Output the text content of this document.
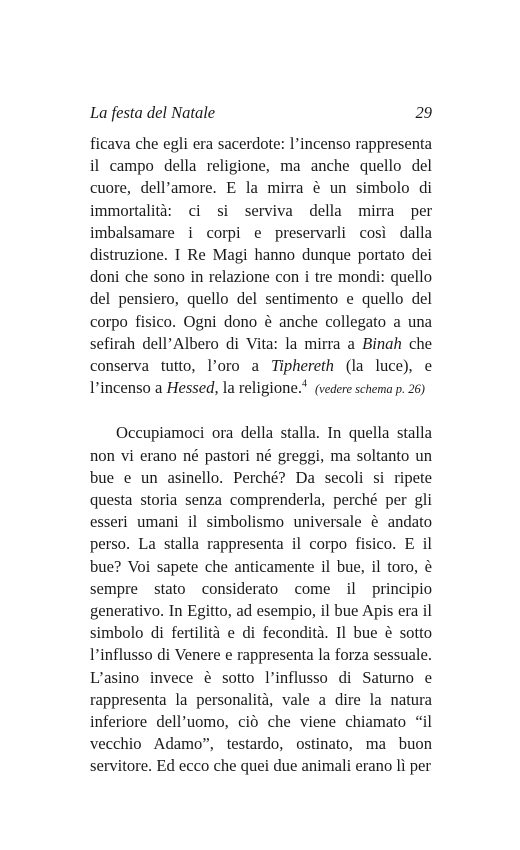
La festa del Natale	29

ficava che egli era sacerdote: l’incenso rappresenta il campo della religione, ma anche quello del cuore, dell’amore. E la mirra è un simbolo di immortalità: ci si serviva della mirra per imbalsamare i corpi e preservarli così dalla distruzione. I Re Magi hanno dunque portato dei doni che sono in relazione con i tre mondi: quello del pensiero, quello del sentimento e quello del corpo fisico. Ogni dono è anche collegato a una sefirah dell’Albero di Vita: la mirra a Binah che conserva tutto, l’oro a Tiphereth (la luce), e l’incenso a Hessed, la religione.$^4$ (vedere schema p. 26)

Occupiamoci ora della stalla. In quella stalla non vi erano né pastori né greggi, ma soltanto un bue e un asinello. Perché? Da secoli si ripete questa storia senza comprenderla, perché per gli esseri umani il simbolismo universale è andato perso. La stalla rappresenta il corpo fisico. E il bue? Voi sapete che anticamente il bue, il toro, è sempre stato considerato come il principio generativo. In Egitto, ad esempio, il bue Apis era il simbolo di fertilità e di fecondità. Il bue è sotto l’influsso di Venere e rappresenta la forza sessuale. L’asino invece è sotto l’influsso di Saturno e rappresenta la personalità, vale a dire la natura inferiore dell’uomo, ciò che viene chiamato “il vecchio Adamo”, testardo, ostinato, ma buon servitore. Ed ecco che quei due animali erano lì per
